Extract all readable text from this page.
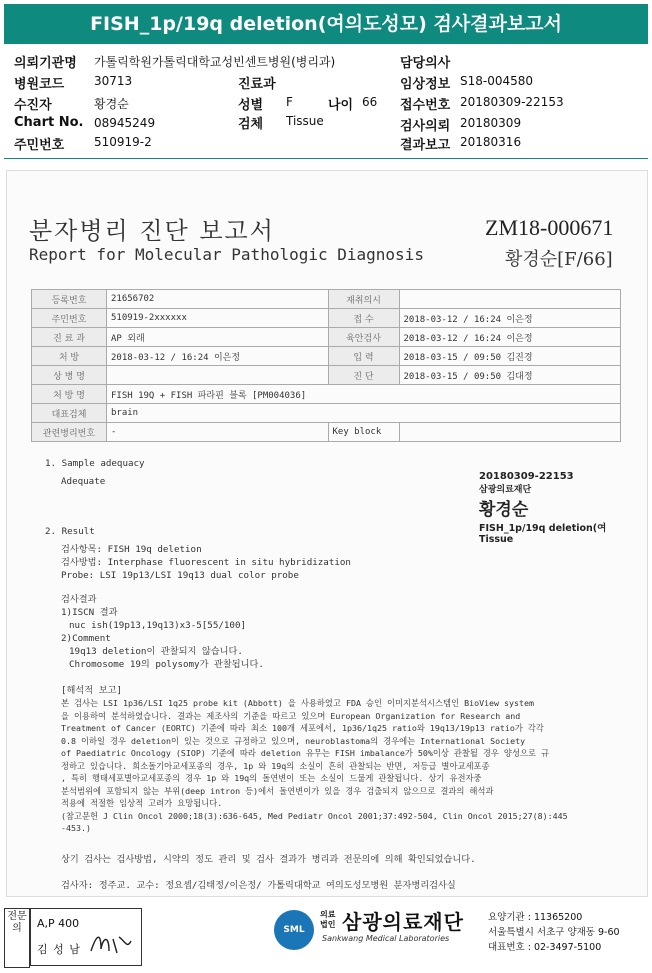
FISH_1p/19q deletion(여의도성모) 검사결과보고서
의뢰기관명 가톨릭학원가톨릭대학교성빈센트병원(병리과)	담당의사
병원코드 30713	진료과	임상정보 S18-004580
수진자	황경순	성별 F	나이 66 접수번호 20180309-22153
Chart No. 08945249	검체 Tissue	검사의뢰 20180309
주민번호 510919-2	결과보고 20180316
분자병리 진단 보고서
Report for Molecular Pathologic Diagnosis
ZM18-000671
황경순[F/66]
등록번호	21656702	재취의시	
주민번호	510919-2xxxxxx	접 수	2018-03-12 / 16:24 이은정
진 료 과	AP 외래	육안검사	2018-03-12 / 16:24 이은정
처 방	2018-03-12 / 16:24 이은정	입 력	2018-03-15 / 09:50 김진경
상 병 명		진 단	2018-03-15 / 09:50 김대정
처 방 명	FISH 19Q + FISH 파라핀 블록 [PM004036]		
대표검체	brain		
관련병리번호	-	Key block	
1. Sample adequacy
Adequate	20180309-22153
삼광의료재단
황경순
FISH_1p/19q deletion(여
Tissue
2. Result
검사항목: FISH 19q deletion
검사방법: Interphase fluorescent in situ hybridization
Probe: LSI 19p13/LSI 19q13 dual color probe
검사결과
1)ISCN 결과
nuc ish(19p13,19q13)x3-5[55/100]
2)Comment
19q13 deletion이 관찰되지 않습니다.
Chromosome 19의 polysomy가 관찰됩니다.
[해석적 보고]
본 검사는 LSI 1p36/LSI 1q25 probe kit (Abbott) 을 사용하였고 FDA 승인 이미지분석시스템인 BioView system
을 이용하여 분석하였습니다. 결과는 제조사의 기준을 따르고 있으며 European Organization for Research and
Treatment of Cancer (EORTC) 기준에 따라 최소 100개 세포에서, 1p36/1q25 ratio와 19q13/19p13 ratio가 각각
0.8 이하일 경우 deletion이 있는 것으로 규정하고 있으며, neuroblastoma의 경우에는 International Society
of Paediatric Oncology (SIOP) 기준에 따라 deletion 유무는 FISH imbalance가 50%이상 관찰될 경우 양성으로 규
정하고 있습니다. 희소돌기아교세포종의 경우, 1p 와 19q의 소실이 흔히 관찰되는 반면, 저등급 별아교세포종
, 특히 행태세포별아교세포종의 경우 1p 와 19q의 돌연변이 또는 소실이 드물게 관찰됩니다. 상기 유전자중
분석범위에 포함되지 않는 부위(deep intron 등)에서 돌연변이가 있을 경우 검출되지 않으므로 결과의 해석과
적용에 적절한 임상적 고려가 요망됩니다.
(참고문헌 J Clin Oncol 2000;18(3):636-645, Med Pediatr Oncol 2001;37:492-504, Clin Oncol 2015;27(8):445
-453.)
상기 검사는 검사방법, 시약의 정도 관리 및 검사 결과가 병리과 전문의에 의해 확인되었습니다.
검사자: 정주교. 교수: 정요셉/김태정/이은정/ 가톨릭대학교 여의도성모병원 분자병리검사실
전문의	A,P 400
김 성 남
SML
의료
법인 삼광의료재단
Sankwang Medical Laboratories
요양기관 : 11365200
서울특별시 서초구 양재동 9-60
대표번호 : 02-3497-5100
